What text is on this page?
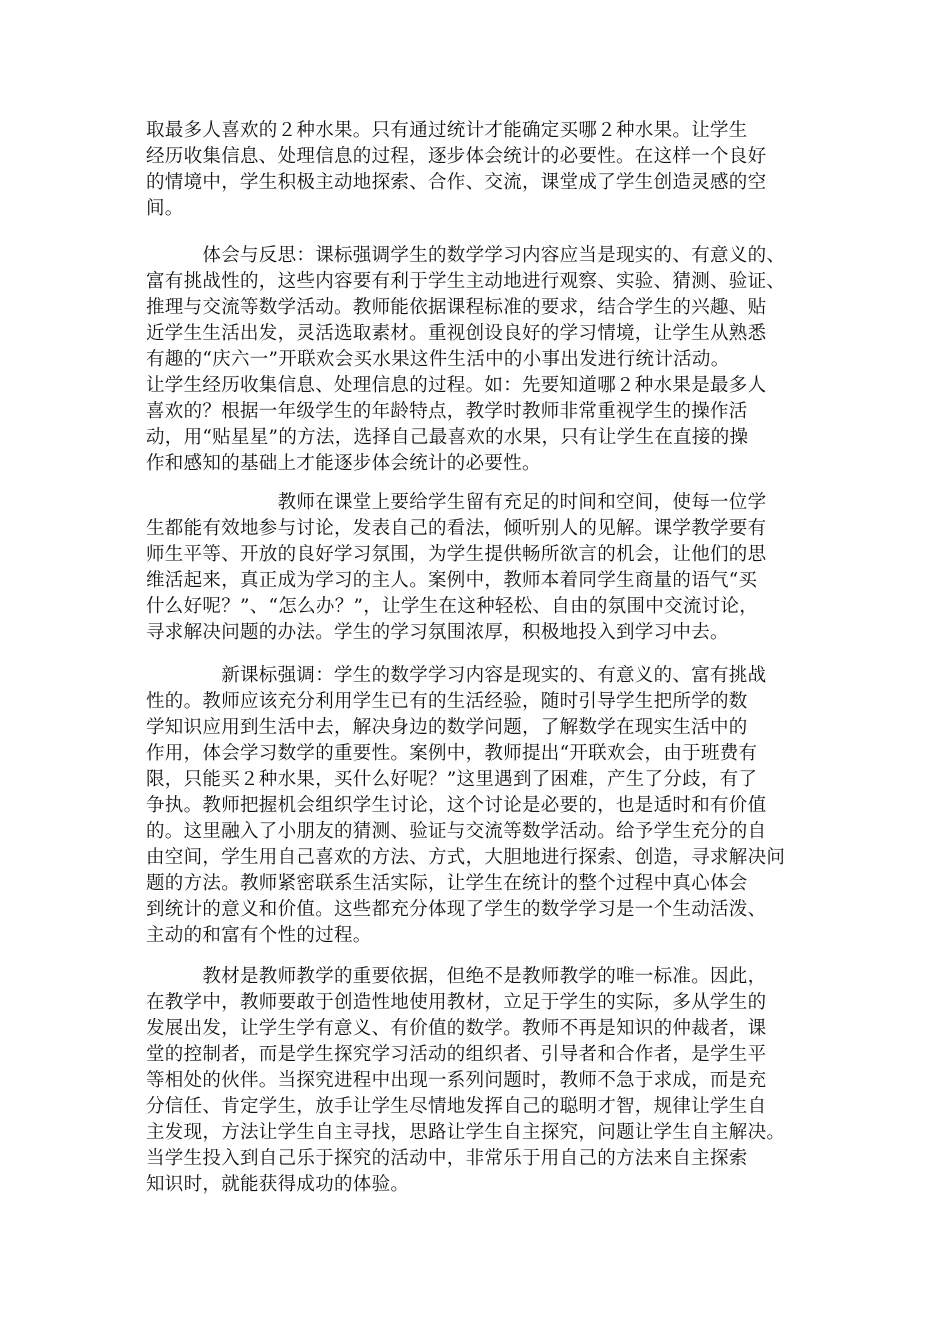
取最多人喜欢的２种水果。只有通过统计才能确定买哪２种水果。让学生
经历收集信息、处理信息的过程，逐步体会统计的必要性。在这样一个良好
的情境中，学生积极主动地探索、合作、交流，课堂成了学生创造灵感的空
间。
　　　体会与反思：课标强调学生的数学学习内容应当是现实的、有意义的、
富有挑战性的，这些内容要有利于学生主动地进行观察、实验、猜测、验证、
推理与交流等数学活动。教师能依据课程标准的要求，结合学生的兴趣、贴
近学生生活出发，灵活选取素材。重视创设良好的学习情境，让学生从熟悉
有趣的“庆六一”开联欢会买水果这件生活中的小事出发进行统计活动。
让学生经历收集信息、处理信息的过程。如：先要知道哪２种水果是最多人
喜欢的？根据一年级学生的年龄特点，教学时教师非常重视学生的操作活
动，用“贴星星”的方法，选择自己最喜欢的水果，只有让学生在直接的操
作和感知的基础上才能逐步体会统计的必要性。
　　　　　　　教师在课堂上要给学生留有充足的时间和空间，使每一位学
生都能有效地参与讨论，发表自己的看法，倾听别人的见解。课学教学要有
师生平等、开放的良好学习氛围，为学生提供畅所欲言的机会，让他们的思
维活起来，真正成为学习的主人。案例中，教师本着同学生商量的语气“买
什么好呢？”、“怎么办？”，让学生在这种轻松、自由的氛围中交流讨论，
寻求解决问题的办法。学生的学习氛围浓厚，积极地投入到学习中去。
　　　　新课标强调：学生的数学学习内容是现实的、有意义的、富有挑战
性的。教师应该充分利用学生已有的生活经验，随时引导学生把所学的数
学知识应用到生活中去，解决身边的数学问题，了解数学在现实生活中的
作用，体会学习数学的重要性。案例中，教师提出“开联欢会，由于班费有
限，只能买２种水果，买什么好呢？”这里遇到了困难，产生了分歧，有了
争执。教师把握机会组织学生讨论，这个讨论是必要的，也是适时和有价值
的。这里融入了小朋友的猜测、验证与交流等数学活动。给予学生充分的自
由空间，学生用自己喜欢的方法、方式，大胆地进行探索、创造，寻求解决问
题的方法。教师紧密联系生活实际，让学生在统计的整个过程中真心体会
到统计的意义和价值。这些都充分体现了学生的数学学习是一个生动活泼、
主动的和富有个性的过程。
　　　教材是教师教学的重要依据，但绝不是教师教学的唯一标准。因此，
在教学中，教师要敢于创造性地使用教材，立足于学生的实际，多从学生的
发展出发，让学生学有意义、有价值的数学。教师不再是知识的仲裁者，课
堂的控制者，而是学生探究学习活动的组织者、引导者和合作者，是学生平
等相处的伙伴。当探究进程中出现一系列问题时，教师不急于求成，而是充
分信任、肯定学生，放手让学生尽情地发挥自己的聪明才智，规律让学生自
主发现，方法让学生自主寻找，思路让学生自主探究，问题让学生自主解决。
当学生投入到自己乐于探究的活动中，非常乐于用自己的方法来自主探索
知识时，就能获得成功的体验。
